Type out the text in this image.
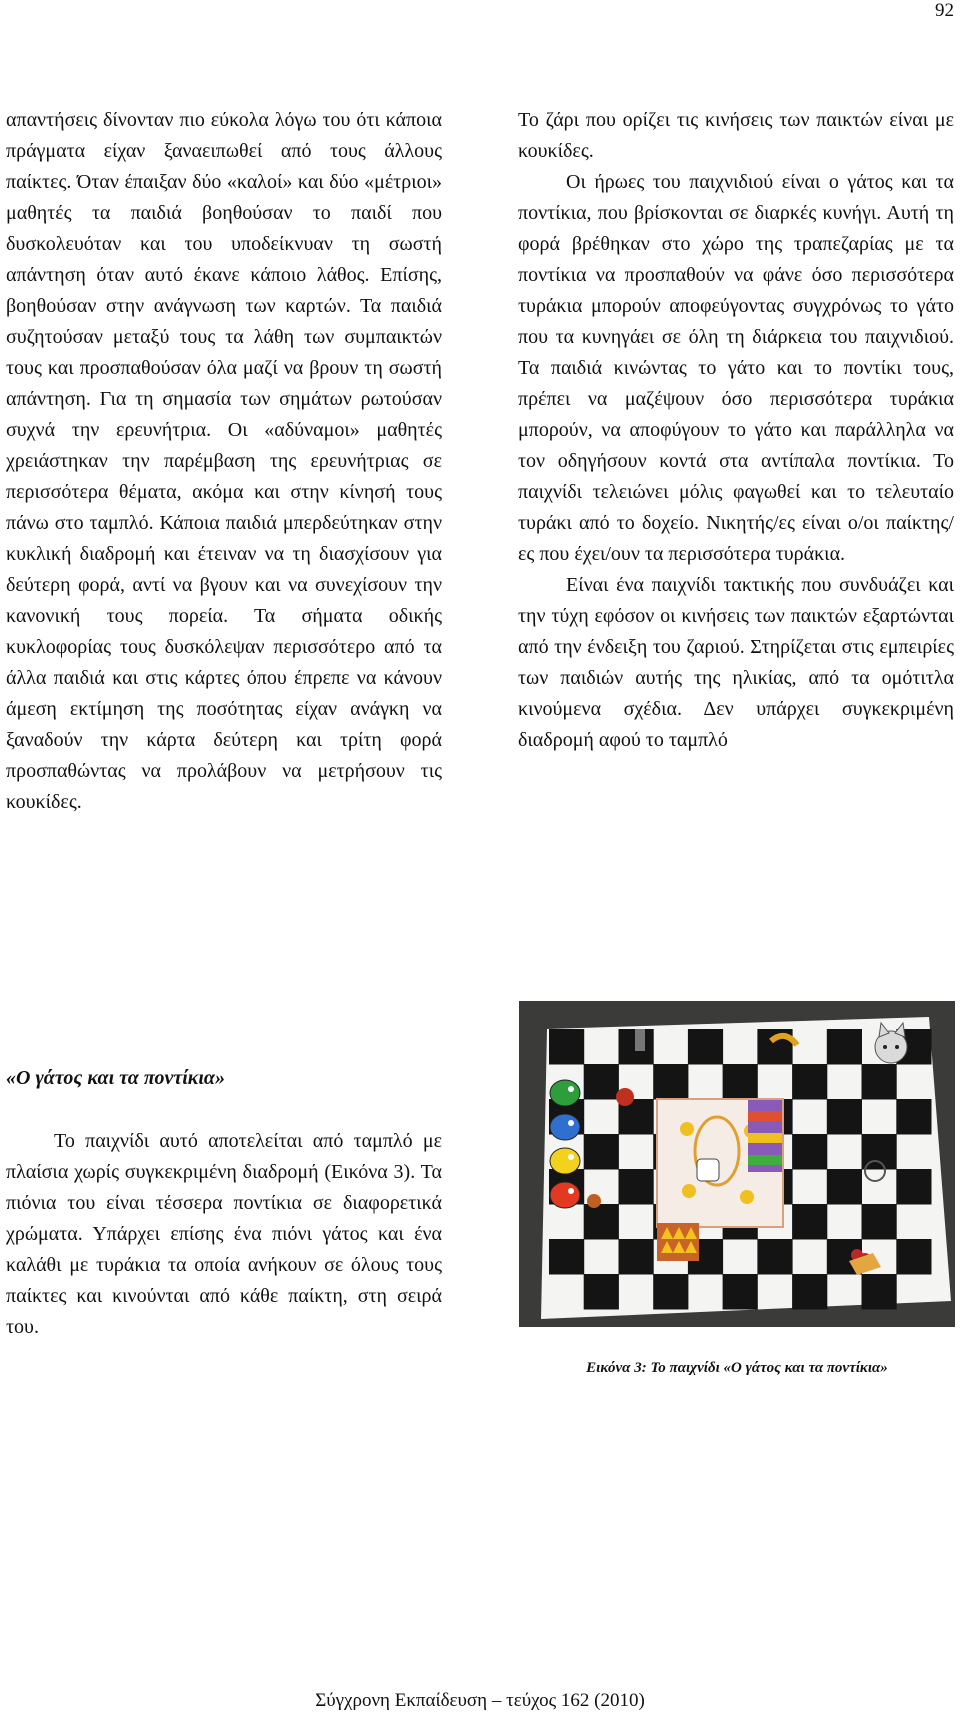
92

απαντήσεις δίνονταν πιο εύκολα λόγω του ότι κάποια πράγματα είχαν ξαναειπωθεί από τους άλλους παίκτες. Όταν έπαιξαν δύο «καλοί» και δύο «μέτριοι» μαθητές τα παιδιά βοηθούσαν το παιδί που δυσκολευόταν και του υποδείκνυαν τη σωστή απάντηση όταν αυτό έκανε κάποιο λάθος. Επίσης, βοηθούσαν στην ανάγνωση των καρτών. Τα παιδιά συζητούσαν μεταξύ τους τα λάθη των συμπαικτών τους και προσπαθούσαν όλα μαζί να βρουν τη σωστή απάντηση. Για τη σημασία των σημάτων ρωτούσαν συχνά την ερευνήτρια. Οι «αδύναμοι» μαθητές χρειάστηκαν την παρέμβαση της ερευνήτριας σε περισσότερα θέματα, ακόμα και στην κίνησή τους πάνω στο ταμπλό. Κάποια παιδιά μπερδεύτηκαν στην κυκλική διαδρομή και έτειναν να τη διασχίσουν για δεύτερη φορά, αντί να βγουν και να συνεχίσουν την κανονική τους πορεία. Τα σήματα οδικής κυκλοφορίας τους δυσκόλεψαν περισσότερο από τα άλλα παιδιά και στις κάρτες όπου έπρεπε να κάνουν άμεση εκτίμηση της ποσότητας είχαν ανάγκη να ξαναδούν την κάρτα δεύτερη και τρίτη φορά προσπαθώντας να προλάβουν να μετρήσουν τις κουκίδες.

«Ο γάτος και τα ποντίκια»

Το παιχνίδι αυτό αποτελείται από ταμπλό με πλαίσια χωρίς συγκεκριμένη διαδρομή (Εικόνα 3). Τα πιόνια του είναι τέσσερα ποντίκια σε διαφορετικά χρώματα. Υπάρχει επίσης ένα πιόνι γάτος και ένα καλάθι με τυράκια τα οποία ανήκουν σε όλους τους παίκτες και κινούνται από κάθε παίκτη, στη σειρά του.

Το ζάρι που ορίζει τις κινήσεις των παικτών είναι με κουκίδες.

Οι ήρωες του παιχνιδιού είναι ο γάτος και τα ποντίκια, που βρίσκονται σε διαρκές κυνήγι. Αυτή τη φορά βρέθηκαν στο χώρο της τραπεζαρίας με τα ποντίκια να προσπαθούν να φάνε όσο περισσότερα τυράκια μπορούν αποφεύγοντας συγχρόνως το γάτο που τα κυνηγάει σε όλη τη διάρκεια του παιχνιδιού. Τα παιδιά κινώντας το γάτο και το ποντίκι τους, πρέπει να μαζέψουν όσο περισσότερα τυράκια μπορούν, να αποφύγουν το γάτο και παράλληλα να τον οδηγήσουν κοντά στα αντίπαλα ποντίκια. Το παιχνίδι τελειώνει μόλις φαγωθεί και το τελευταίο τυράκι από το δοχείο. Νικητής/ες είναι ο/οι παίκτης/ες που έχει/ουν τα περισσότερα τυράκια.

Είναι ένα παιχνίδι τακτικής που συνδυάζει και την τύχη εφόσον οι κινήσεις των παικτών εξαρτώνται από την ένδειξη του ζαριού. Στηρίζεται στις εμπειρίες των παιδιών αυτής της ηλικίας, από τα ομότιτλα κινούμενα σχέδια. Δεν υπάρχει συγκεκριμένη διαδρομή αφού το ταμπλό

Εικόνα 3: Το παιχνίδι «Ο γάτος και τα ποντίκια»
Σύγχρονη Εκπαίδευση – τεύχος 162 (2010)
